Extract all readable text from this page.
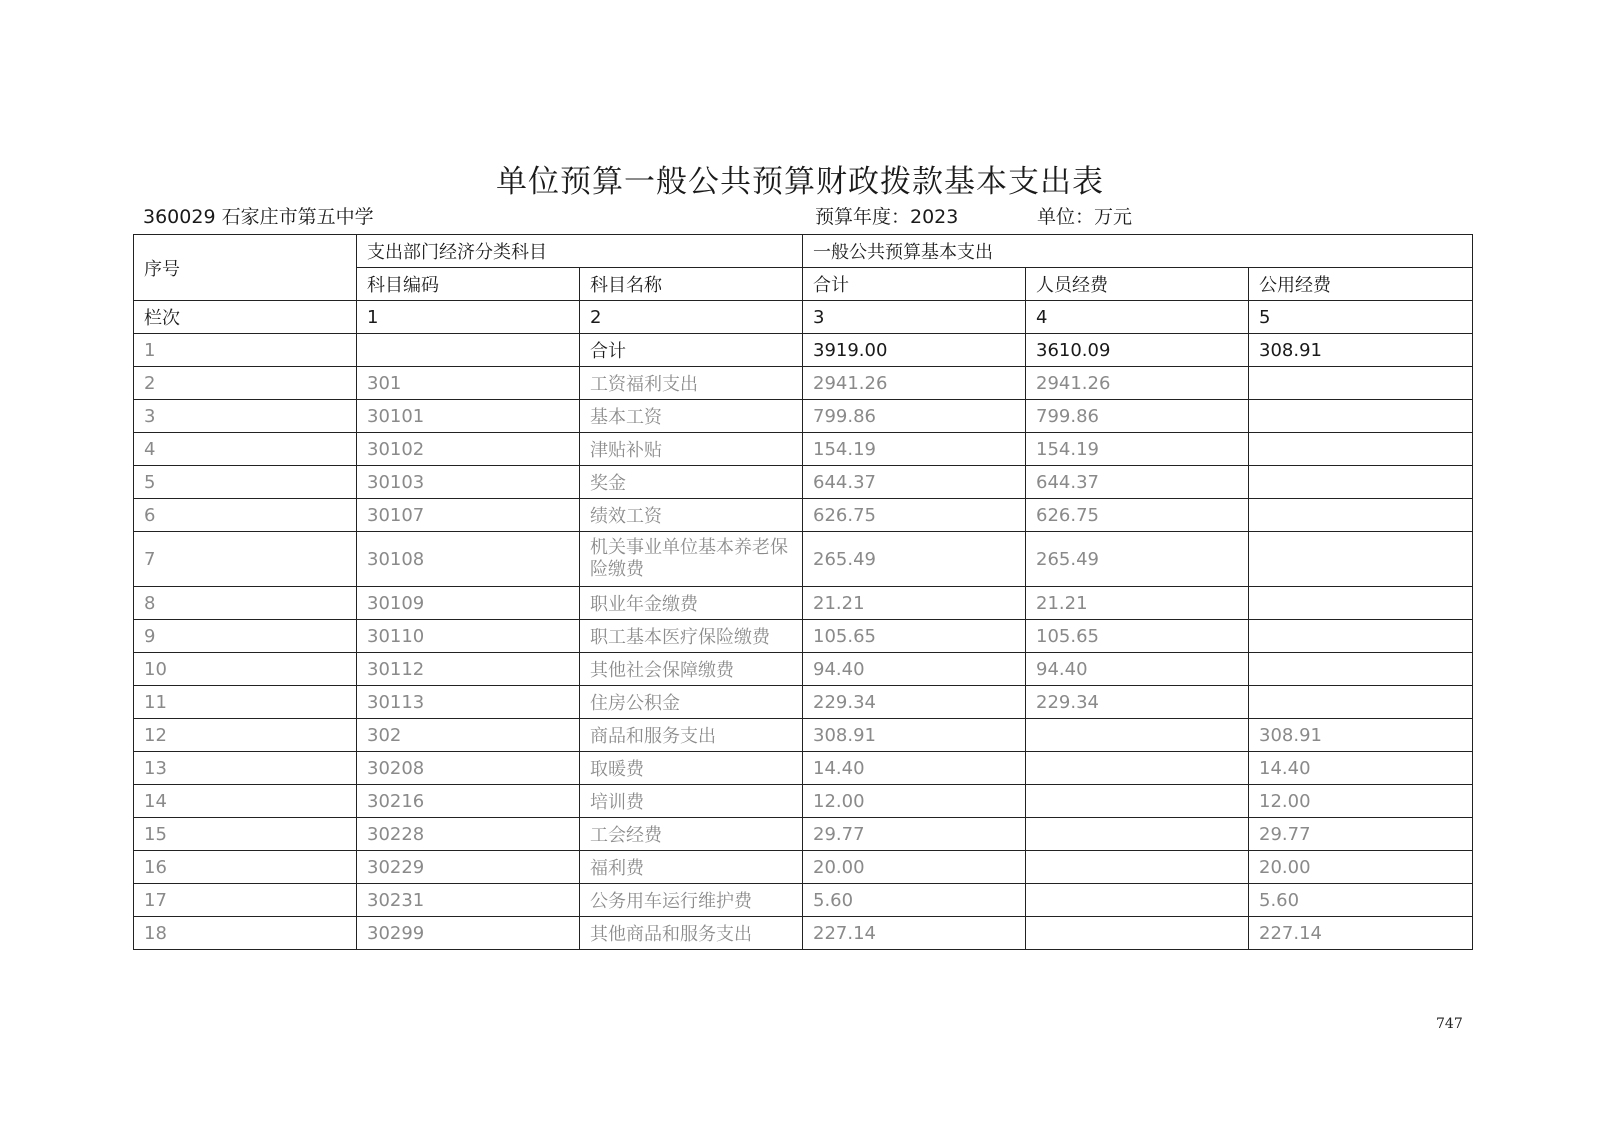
单位预算一般公共预算财政拨款基本支出表
360029 石家庄市第五中学	预算年度：2023	单位：万元
序号	支出部门经济分类科目		一般公共预算基本支出		
	科目编码	科目名称	合计	人员经费	公用经费
栏次	1	2	3	4	5
1		合计	3919.00	3610.09	308.91
2	301	工资福利支出	2941.26	2941.26	
3	30101	基本工资	799.86	799.86	
4	30102	津贴补贴	154.19	154.19	
5	30103	奖金	644.37	644.37	
6	30107	绩效工资	626.75	626.75	
7	30108	机关事业单位基本养老保险缴费	265.49	265.49	
8	30109	职业年金缴费	21.21	21.21	
9	30110	职工基本医疗保险缴费	105.65	105.65	
10	30112	其他社会保障缴费	94.40	94.40	
11	30113	住房公积金	229.34	229.34	
12	302	商品和服务支出	308.91		308.91
13	30208	取暖费	14.40		14.40
14	30216	培训费	12.00		12.00
15	30228	工会经费	29.77		29.77
16	30229	福利费	20.00		20.00
17	30231	公务用车运行维护费	5.60		5.60
18	30299	其他商品和服务支出	227.14		227.14
747
